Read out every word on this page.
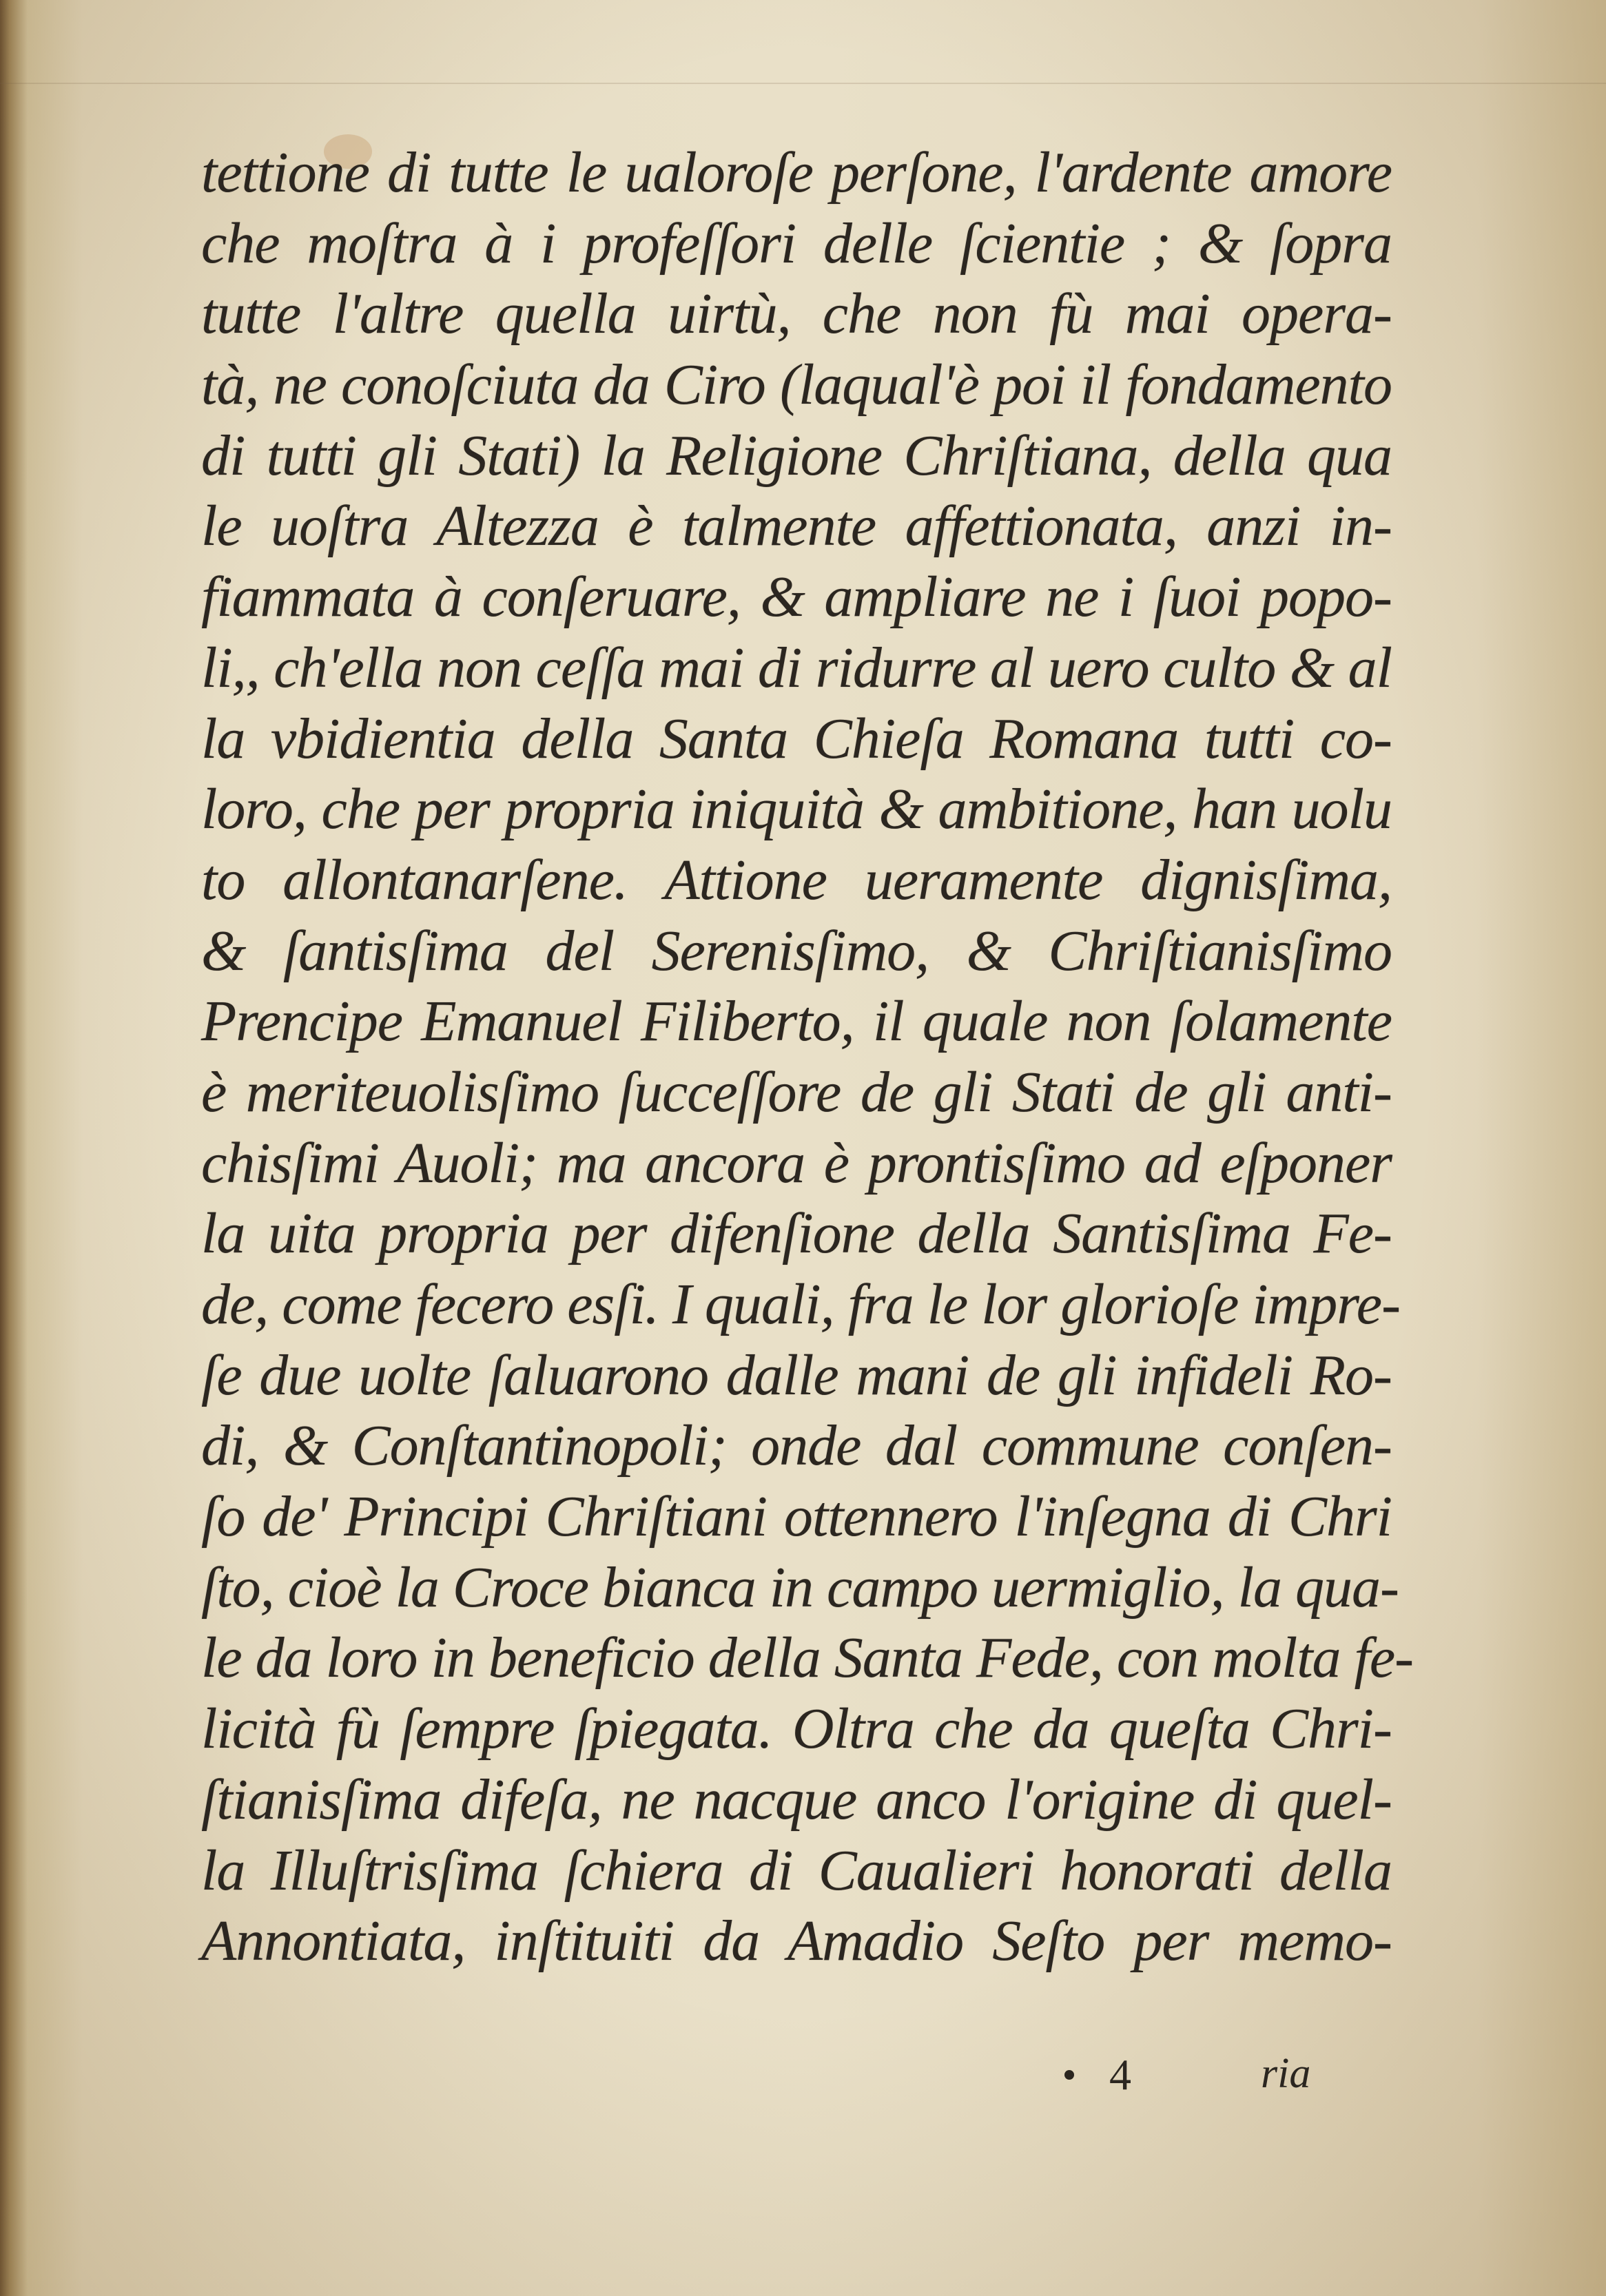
tettione di tutte le ualoroſe perſone, l'ardente amore
che moſtra à i profeſſori delle ſcientie ; & ſopra
tutte l'altre quella uirtù, che non fù mai opera-
tà, ne conoſciuta da Ciro (laqual'è poi il fondamento
di tutti gli Stati) la Religione Chriſtiana, della qua
le uoſtra Altezza è talmente affettionata, anzi in-
fiammata à conſeruare, & ampliare ne i ſuoi popo-
li,, ch'ella non ceſſa mai di ridurre al uero culto & al
la vbidientia della Santa Chieſa Romana tutti co-
loro, che per propria iniquità & ambitione, han uolu
to allontanarſene. Attione ueramente dignisſima,
& ſantisſima del Serenisſimo, & Chriſtianisſimo
Prencipe Emanuel Filiberto, il quale non ſolamente
è meriteuolisſimo ſucceſſore de gli Stati de gli anti-
chisſimi Auoli; ma ancora è prontisſimo ad eſponer
la uita propria per difenſione della Santisſima Fe-
de, come fecero esſi. I quali, fra le lor glorioſe impre-
ſe due uolte ſaluarono dalle mani de gli infideli Ro-
di, & Conſtantinopoli; onde dal commune conſen-
ſo de' Principi Chriſtiani ottennero l'inſegna di Chri
ſto, cioè la Croce bianca in campo uermiglio, la qua-
le da loro in beneficio della Santa Fede, con molta fe-
licità fù ſempre ſpiegata. Oltra che da queſta Chri-
ſtianisſima difeſa, ne nacque anco l'origine di quel-
la Illuſtrisſima ſchiera di Caualieri honorati della
Annontiata, inſtituiti da Amadio Seſto per memo-
4	ria
